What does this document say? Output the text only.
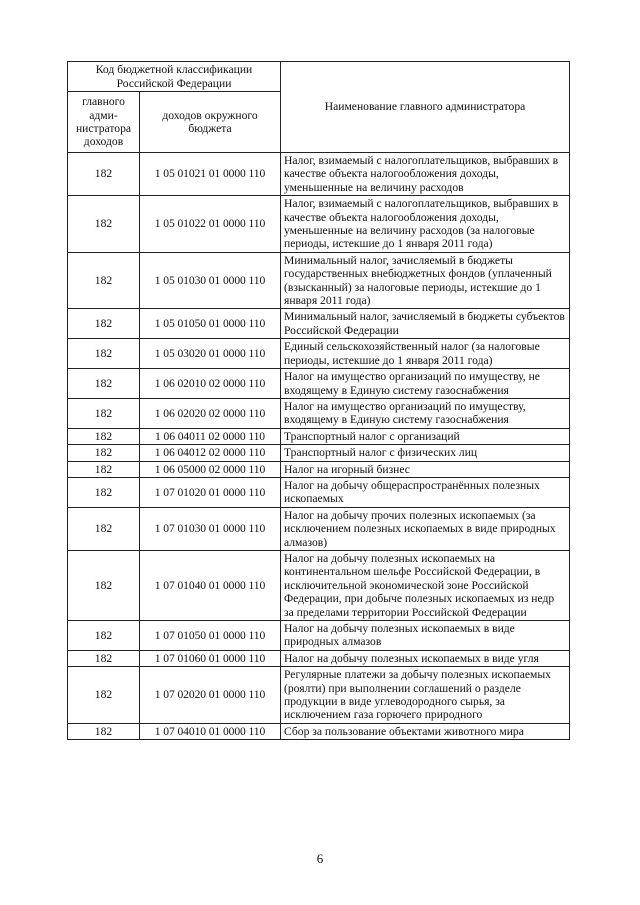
Код бюджетной классификации Российской Федерации		Наименование главного администратора
главного адми-нистратора доходов	доходов окружного бюджета	
182	1 05 01021 01 0000 110	Налог, взимаемый с налогоплательщиков, выбравших в качестве объекта налогообложения доходы, уменьшенные на величину расходов
182	1 05 01022 01 0000 110	Налог, взимаемый с налогоплательщиков, выбравших в качестве объекта налогообложения доходы, уменьшенные на величину расходов (за налоговые периоды, истекшие до 1 января 2011 года)
182	1 05 01030 01 0000 110	Минимальный налог, зачисляемый в бюджеты государственных внебюджетных фондов (уплаченный (взысканный) за налоговые периоды, истекшие до 1 января 2011 года)
182	1 05 01050 01 0000 110	Минимальный налог, зачисляемый в бюджеты субъектов Российской Федерации
182	1 05 03020 01 0000 110	Единый сельскохозяйственный налог (за налоговые периоды, истекшие до 1 января 2011 года)
182	1 06 02010 02 0000 110	Налог на имущество организаций по имуществу, не входящему в Единую систему газоснабжения
182	1 06 02020 02 0000 110	Налог на имущество организаций по имуществу, входящему в Единую систему газоснабжения
182	1 06 04011 02 0000 110	Транспортный налог с организаций
182	1 06 04012 02 0000 110	Транспортный налог с физических лиц
182	1 06 05000 02 0000 110	Налог на игорный бизнес
182	1 07 01020 01 0000 110	Налог на добычу общераспространённых полезных ископаемых
182	1 07 01030 01 0000 110	Налог на добычу прочих полезных ископаемых (за исключением полезных ископаемых в виде природных алмазов)
182	1 07 01040 01 0000 110	Налог на добычу полезных ископаемых на континентальном шельфе Российской Федерации, в исключительной экономической зоне Российской Федерации, при добыче полезных ископаемых из недр за пределами территории Российской Федерации
182	1 07 01050 01 0000 110	Налог на добычу полезных ископаемых в виде природных алмазов
182	1 07 01060 01 0000 110	Налог на добычу полезных ископаемых в виде угля
182	1 07 02020 01 0000 110	Регулярные платежи за добычу полезных ископаемых (роялти) при выполнении соглашений о разделе продукции в виде углеводородного сырья, за исключением газа горючего природного
182	1 07 04010 01 0000 110	Сбор за пользование объектами животного мира
6
